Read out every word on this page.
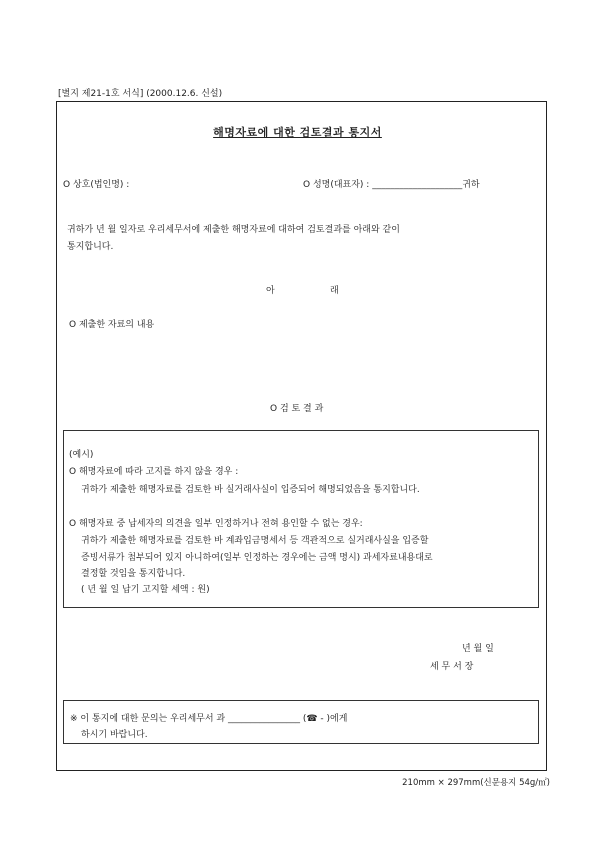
[별지 제21-1호 서식] (2000.12.6. 신설)
해명자료에 대한 검토결과 통지서
O 상호(법인명) :	O 성명(대표자) : ____________________귀하
귀하가 년 월 일자로 우리세무서에 제출한 해명자료에 대하여 검토결과를 아래와 같이
통지합니다.
아	래
O 제출한 자료의 내용
O 검 토 결 과
(예시)
O 해명자료에 따라 고지를 하지 않을 경우 :
귀하가 제출한 해명자료를 검토한 바 실거래사실이 입증되어 해명되었음을 통지합니다.
O 해명자료 중 납세자의 의견을 일부 인정하거나 전혀 용인할 수 없는 경우:
귀하가 제출한 해명자료를 검토한 바 계좌입금명세서 등 객관적으로 실거래사실을 입증할
증빙서류가 첨부되어 있지 아니하여(일부 인정하는 경우에는 금액 명시) 과세자료내용대로
결정할 것임을 통지합니다.
( 년 월 일 납기 고지할 세액 : 원)
년 월 일
세 무 서 장
※ 이 통지에 대한 문의는 우리세무서 과 ________________ (☎ - )에게
하시기 바랍니다.
210mm × 297mm(신문용지 54g/㎡)
